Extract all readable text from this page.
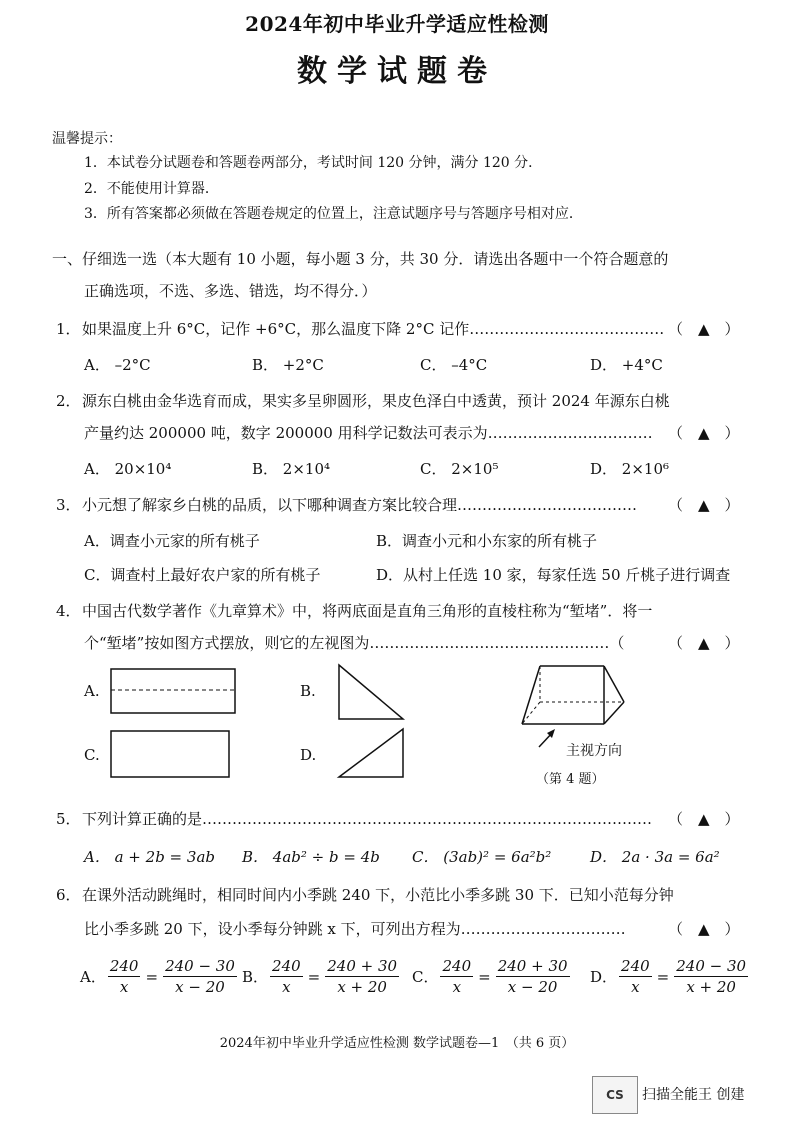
2024年初中毕业升学适应性检测
数学试题卷
温馨提示：
1．本试卷分试题卷和答题卷两部分，考试时间 120 分钟，满分 120 分．
2．不能使用计算器．
3．所有答案都必须做在答题卷规定的位置上，注意试题序号与答题序号相对应．
一、仔细选一选（本大题有 10 小题，每小题 3 分，共 30 分．请选出各题中一个符合题意的
正确选项，不选、多选、错选，均不得分．）
1． 如果温度上升 6°C，记作 +6°C，那么温度下降 2°C 记作………………………………… （　▲　）
A． –2°C	B． +2°C	C． –4°C	D． +4°C
2． 源东白桃由金华选育而成，果实多呈卵圆形，果皮色泽白中透黄，预计 2024 年源东白桃
产量约达 200000 吨，数字 200000 用科学记数法可表示为……………………………	（　▲　）
A． 20×10⁴	B． 2×10⁴	C． 2×10⁵	D． 2×10⁶
3． 小元想了解家乡白桃的品质，以下哪种调查方案比较合理………………………………	（　▲　）
A．调查小元家的所有桃子	B．调查小元和小东家的所有桃子
C．调查村上最好农户家的所有桃子	D．从村上任选 10 家，每家任选 50 斤桃子进行调查
4． 中国古代数学著作《九章算术》中，将两底面是直角三角形的直棱柱称为“堑堵”．将一
个“堑堵”按如图方式摆放，则它的左视图为…………………………………………（	（　▲　）
A.	B.
C.	D.	主视方向
（第 4 题）
5． 下列计算正确的是………………………………………………………………………………	（　▲　）
A． a + 2b = 3ab B． 4ab² ÷ b = 4b C． (3ab)² = 6a²b²	D． 2a · 3a = 6a²
6． 在课外活动跳绳时，相同时间内小季跳 240 下，小范比小季多跳 30 下．已知小范每分钟
比小季多跳 20 下，设小季每分钟跳 x 下，可列出方程为……………………………	（　▲　）
A． $\frac{240}{x} = \frac{240 - 30}{x - 20}$ B． $\frac{240}{x} = \frac{240 + 30}{x + 20}$ C． $\frac{240}{x} = \frac{240 + 30}{x - 20}$ D． $\frac{240}{x} = \frac{240 - 30}{x + 20}$
2024年初中毕业升学适应性检测 数学试题卷—1　（共 6 页）
CS	扫描全能王 创建
